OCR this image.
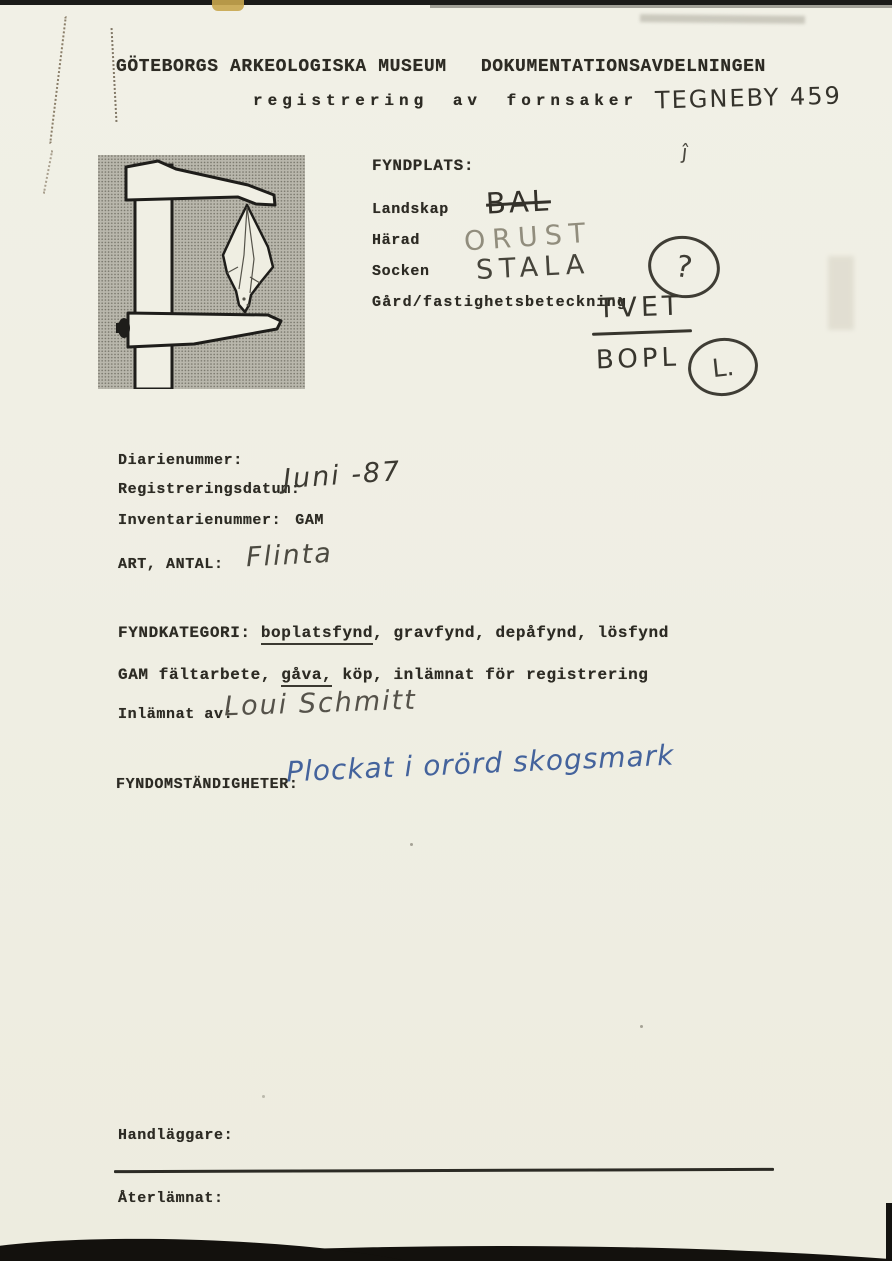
GÖTEBORGS ARKEOLOGISKA MUSEUM   DOKUMENTATIONSAVDELNINGEN
registrering av fornsaker TEGNEBY 459
ĵ
FYNDPLATS:
Landskap
Härad
Socken
Gård/fastighetsbeteckning
BAL
ORUST
STALA	?
TVET
BOPL L.
Diarienummer:
Registreringsdatum:
Juni -87
Inventarienummer: GAM
ART, ANTAL: Flinta
FYNDKATEGORI: boplatsfynd, gravfynd, depåfynd, lösfynd
GAM fältarbete, gåva, köp, inlämnat för registrering
Inlämnat av:
Loui Schmitt
FYNDOMSTÄNDIGHETER:
Plockat i orörd skogsmark
Handläggare:
Återlämnat:
